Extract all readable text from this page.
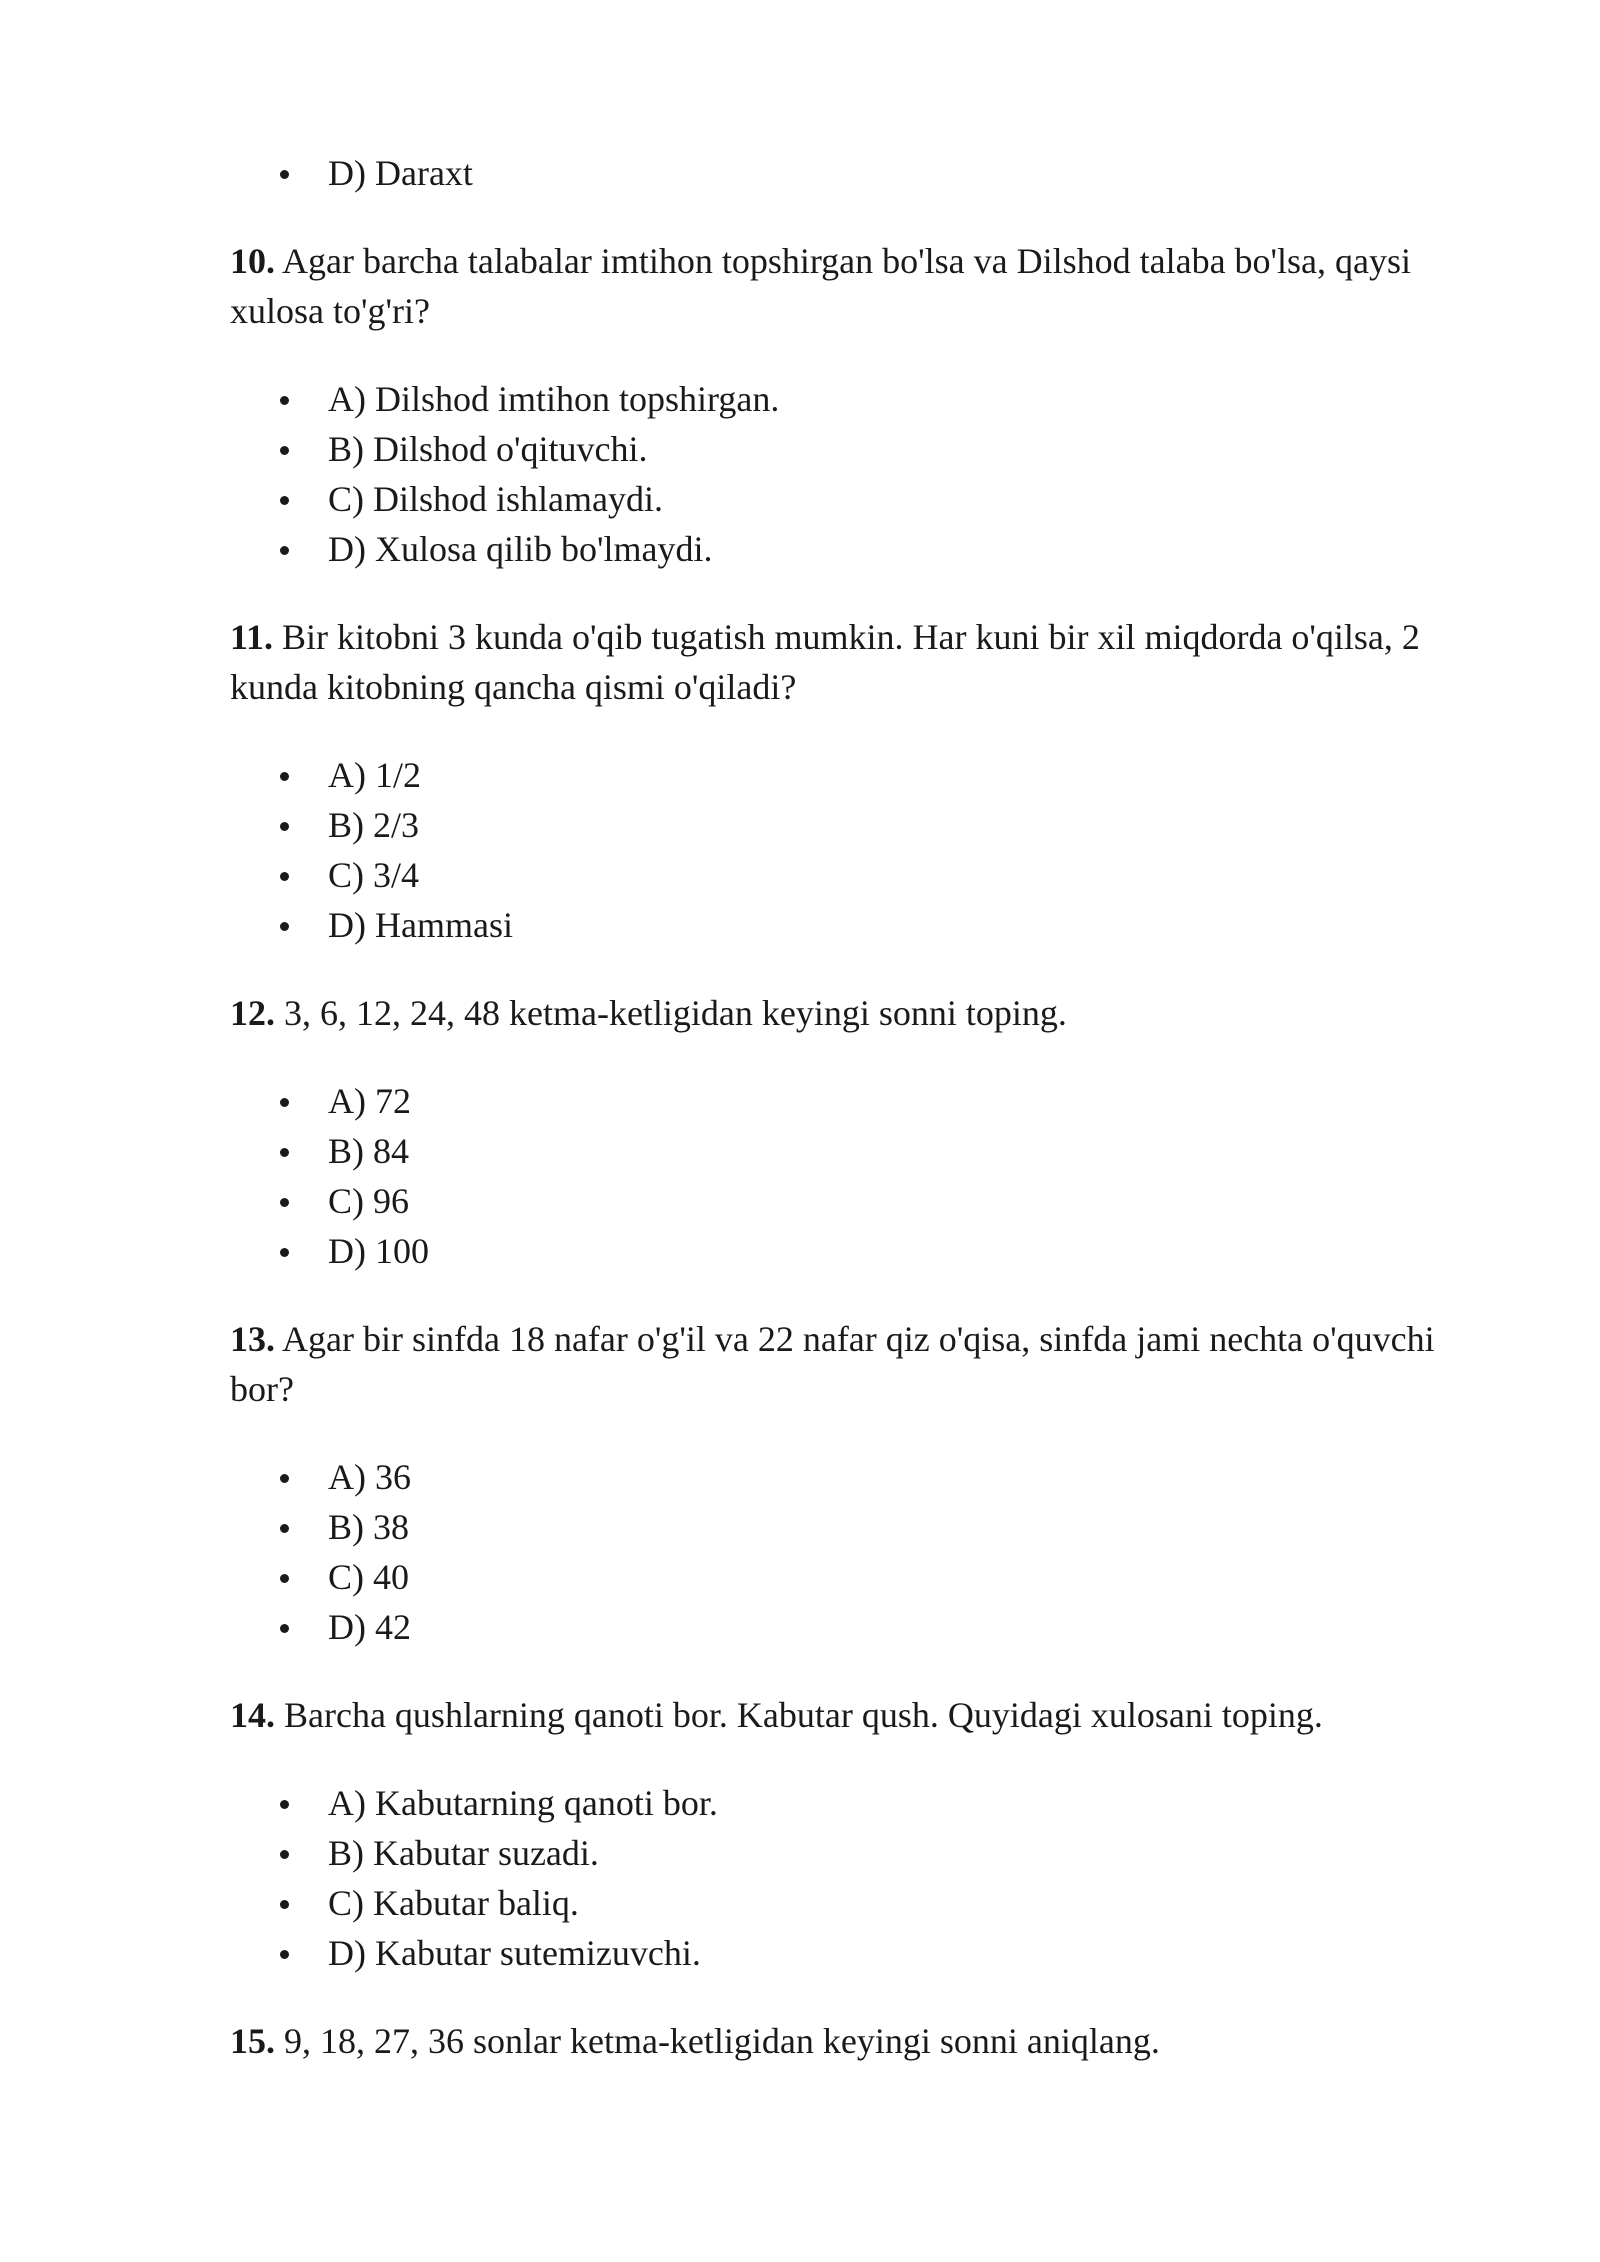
D) Daraxt

10. Agar barcha talabalar imtihon topshirgan bo'lsa va Dilshod talaba bo'lsa, qaysi xulosa to'g'ri?

A) Dilshod imtihon topshirgan.
B) Dilshod o'qituvchi.
C) Dilshod ishlamaydi.
D) Xulosa qilib bo'lmaydi.

11. Bir kitobni 3 kunda o'qib tugatish mumkin. Har kuni bir xil miqdorda o'qilsa, 2 kunda kitobning qancha qismi o'qiladi?

A) 1/2
B) 2/3
C) 3/4
D) Hammasi

12. 3, 6, 12, 24, 48 ketma-ketligidan keyingi sonni toping.

A) 72
B) 84
C) 96
D) 100

13. Agar bir sinfda 18 nafar o'g'il va 22 nafar qiz o'qisa, sinfda jami nechta o'quvchi bor?

A) 36
B) 38
C) 40
D) 42

14. Barcha qushlarning qanoti bor. Kabutar qush. Quyidagi xulosani toping.

A) Kabutarning qanoti bor.
B) Kabutar suzadi.
C) Kabutar baliq.
D) Kabutar sutemizuvchi.

15. 9, 18, 27, 36 sonlar ketma-ketligidan keyingi sonni aniqlang.
